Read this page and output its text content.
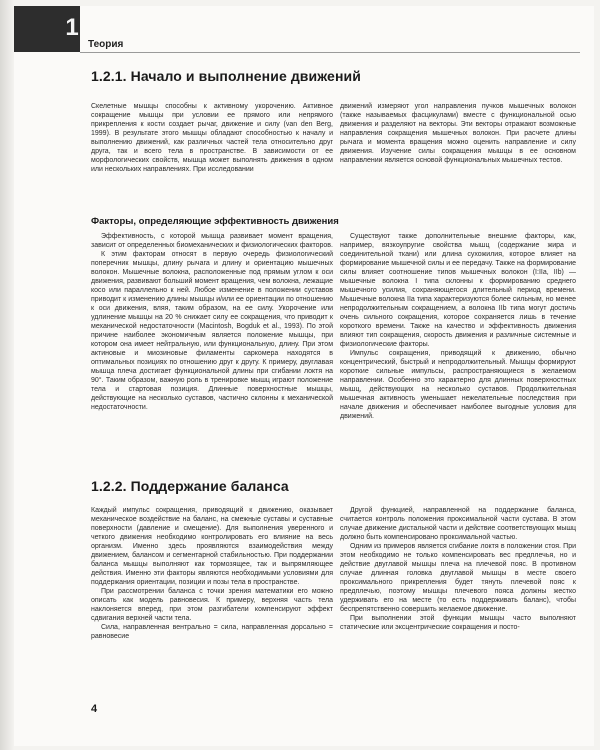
1
Теория
1.2.1. Начало и выполнение движений

Скелетные мышцы способны к активному укорочению. Активное сокращение мышцы при условии ее прямого или непрямого прикрепления к кости создает рычаг, движение и силу (van den Berg, 1999). В результате этого мышцы обладают способностью к началу и выполнению движений, как различных частей тела относительно друг друга, так и всего тела в пространстве. В зависимости от ее морфологических свойств, мышца может выполнять движения в одном или нескольких направлениях. При исследовании

движений измеряют угол направления пучков мышечных волокон (также называемых фасцикулами) вместе с функциональной осью движения и разделяют на векторы. Эти векторы отражают возможные направления сокращения мышечных волокон. При расчете длины рычага и момента вращения можно оценить направление и силу движения. Изучение силы сокращения мышцы в ее основном направлении является основой функциональных мышечных тестов.

Факторы, определяющие эффективность движения

Эффективность, с которой мышца развивает момент вращения, зависит от определенных биомеханических и физиологических факторов.

К этим факторам относят в первую очередь физиологический поперечник мышцы, длину рычага и длину и ориентацию мышечных волокон. Мышечные волокна, расположенные под прямым углом к оси движения, развивают больший момент вращения, чем волокна, лежащие косо или параллельно к ней. Любое изменение в положении суставов приводит к изменению длины мышцы и/или ее ориентации по отношению к оси движения, вляя, таким образом, на ее силу. Укорочение или удлинение мышцы на 20 % снижает силу ее сокращения, что приводит к механической недостаточности (Macintosh, Bogduk et al., 1993). По этой причине наиболее экономичным является положение мышцы, при котором она имеет нейтральную, или функциональную, длину. При этом актиновые и миозиновые филаменты саркомера находятся в оптимальных позициях по отношению друг к другу. К примеру, двуглавая мышца плеча достигает функциональной длины при сгибании локтя на 90°. Таким образом, важную роль в тренировке мышц играют положение тела и стартовая позиция. Длинные поверхностные мышцы, действующие на несколько суставов, частично склонны к механической недостаточности.

Существуют также дополнительные внешние факторы, как, например, вязкоупругие свойства мышц (содержание жира и соединительной ткани) или длина сухожилия, которое влияет на формирование мышечной силы и ее передачу. Также на формирование силы влияет соотношение типов мышечных волокон (I:IIa, IIb) — мышечные волокна I типа склонны к формированию среднего мышечного усилия, сохраняющегося длительный период времени. Мышечные волокна IIa типа характеризуются более сильным, но менее непродолжительным сокращением, а волокна IIb типа могут достичь очень сильного сокращения, которое сохраняется лишь в течение короткого времени. Также на качество и эффективность движения влияют тип сокращения, скорость движения и различные системные и физиологические факторы.

Импульс сокращения, приводящий к движению, обычно концентрический, быстрый и непродолжительный. Мышцы формируют короткие сильные импульсы, распространяющиеся в желаемом направлении. Особенно это характерно для длинных поверхностных мышц, действующих на несколько суставов. Продолжительная мышечная активность уменьшает нежелательные последствия при начале движения и обеспечивает наиболее выгодные условия для движений.

1.2.2. Поддержание баланса

Каждый импульс сокращения, приводящий к движению, оказывает механическое воздействие на баланс, на смежные суставы и суставные поверхности (давление и смещение). Для выполнения уверенного и четкого движения необходимо контролировать его влияние на весь организм. Именно здесь проявляются взаимодействия между движением, балансом и сегментарной стабильностью. При поддержании баланса мышцы выполняют как тормозящее, так и выпрямляющее действия. Именно эти факторы являются необходимыми условиями для поддержания ориентации, позиции и позы тела в пространстве.

При рассмотрении баланса с точки зрения математики его можно описать как модель равновесия. К примеру, верхняя часть тела наклоняется вперед, при этом разгибатели компенсируют эффект сдвигания верхней части тела.

Сила, направленная вентрально = сила, направленная дорсально = равновесие

Другой функцией, направленной на поддержание баланса, считается контроль положения проксимальной части сустава. В этом случае движение дистальной части и действие соответствующих мышц должно быть компенсировано проксимальной частью.

Одним из примеров является сгибание локтя в положении стоя. При этом необходимо не только компенсировать вес предплечья, но и действие двуглавой мышцы плеча на плечевой пояс. В противном случае длинная головка двуглавой мышцы в месте своего проксимального прикрепления будет тянуть плечевой пояс к предплечью, поэтому мышцы плечевого пояса должны жестко удерживать его на месте (то есть поддерживать баланс), чтобы беспрепятственно совершить желаемое движение.

При выполнении этой функции мышцы часто выполняют статические или эксцентрические сокращения и посто-

4
